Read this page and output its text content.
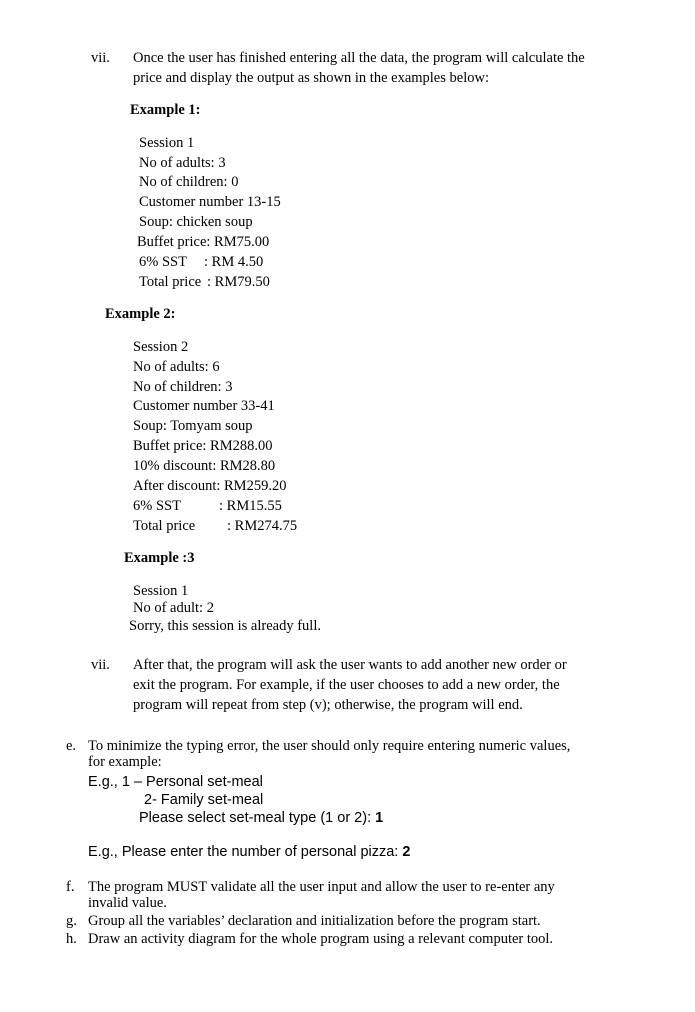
vii. Once the user has finished entering all the data, the program will calculate the
price and display the output as shown in the examples below:
Example 1:
Session 1
No of adults: 3
No of children: 0
Customer number 13-15
Soup: chicken soup
Buffet price: RM75.00
6% SST : RM 4.50
Total price : RM79.50
Example 2:
Session 2
No of adults: 6
No of children: 3
Customer number 33-41
Soup: Tomyam soup
Buffet price: RM288.00
10% discount: RM28.80
After discount: RM259.20
6% SST	: RM15.55
Total price : RM274.75
Example :3
Session 1
No of adult: 2
Sorry, this session is already full.
vii. After that, the program will ask the user wants to add another new order or
exit the program. For example, if the user chooses to add a new order, the
program will repeat from step (v); otherwise, the program will end.
e. To minimize the typing error, the user should only require entering numeric values,
for example:
E.g., 1 – Personal set-meal
2- Family set-meal
Please select set-meal type (1 or 2): 1
E.g., Please enter the number of personal pizza: 2
f. The program MUST validate all the user input and allow the user to re-enter any
invalid value.
g. Group all the variables’ declaration and initialization before the program start.
h. Draw an activity diagram for the whole program using a relevant computer tool.
